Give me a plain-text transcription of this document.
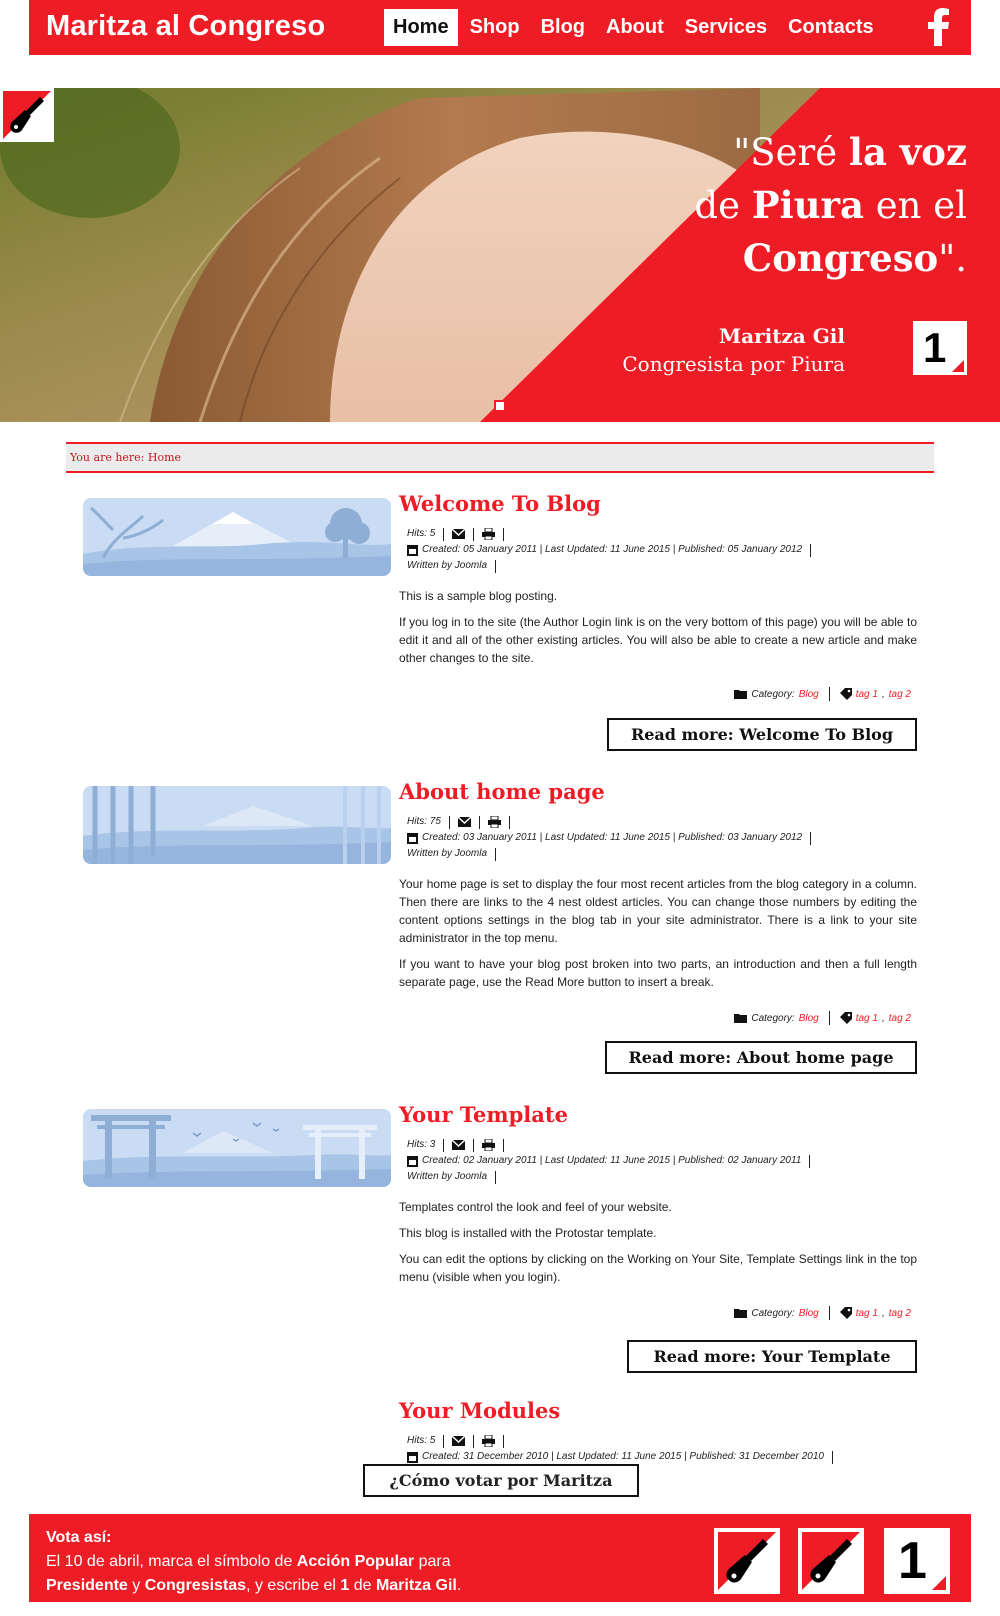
Maritza al Congreso	Home	Shop	Blog	About	Services	Contacts
"Seré la voz
de Piura en el
Congreso".
Maritza Gil
Congresista por Piura 1
You are here: Home
Welcome To Blog
Hits: 5
Created: 05 January 2011 | Last Updated: 11 June 2015 | Published: 05 January 2012
Written by Joomla

This is a sample blog posting.

If you log in to the site (the Author Login link is on the very bottom of this page) you will be able to edit it and all of the other existing articles. You will also be able to create a new article and make other changes to the site.

Category: Blog	tag 1 , tag 2
Read more: Welcome To Blog
About home page
Hits: 75
Created: 03 January 2011 | Last Updated: 11 June 2015 | Published: 03 January 2012
Written by Joomla

Your home page is set to display the four most recent articles from the blog category in a column. Then there are links to the 4 nest oldest articles. You can change those numbers by editing the content options settings in the blog tab in your site administrator. There is a link to your site administrator in the top menu.

If you want to have your blog post broken into two parts, an introduction and then a full length separate page, use the Read More button to insert a break.

Category: Blog	tag 1 , tag 2
Read more: About home page
Your Template
Hits: 3
Created: 02 January 2011 | Last Updated: 11 June 2015 | Published: 02 January 2011
Written by Joomla

Templates control the look and feel of your website.

This blog is installed with the Protostar template.

You can edit the options by clicking on the Working on Your Site, Template Settings link in the top menu (visible when you login).

Category: Blog	tag 1 , tag 2
Read more: Your Template
Your Modules
Hits: 5
Created: 31 December 2010 | Last Updated: 11 June 2015 | Published: 31 December 2010
¿Cómo votar por Maritza
Vota así:
El 10 de abril, marca el símbolo de Acción Popular para
Presidente y Congresistas, y escribe el 1 de Maritza Gil.	1
